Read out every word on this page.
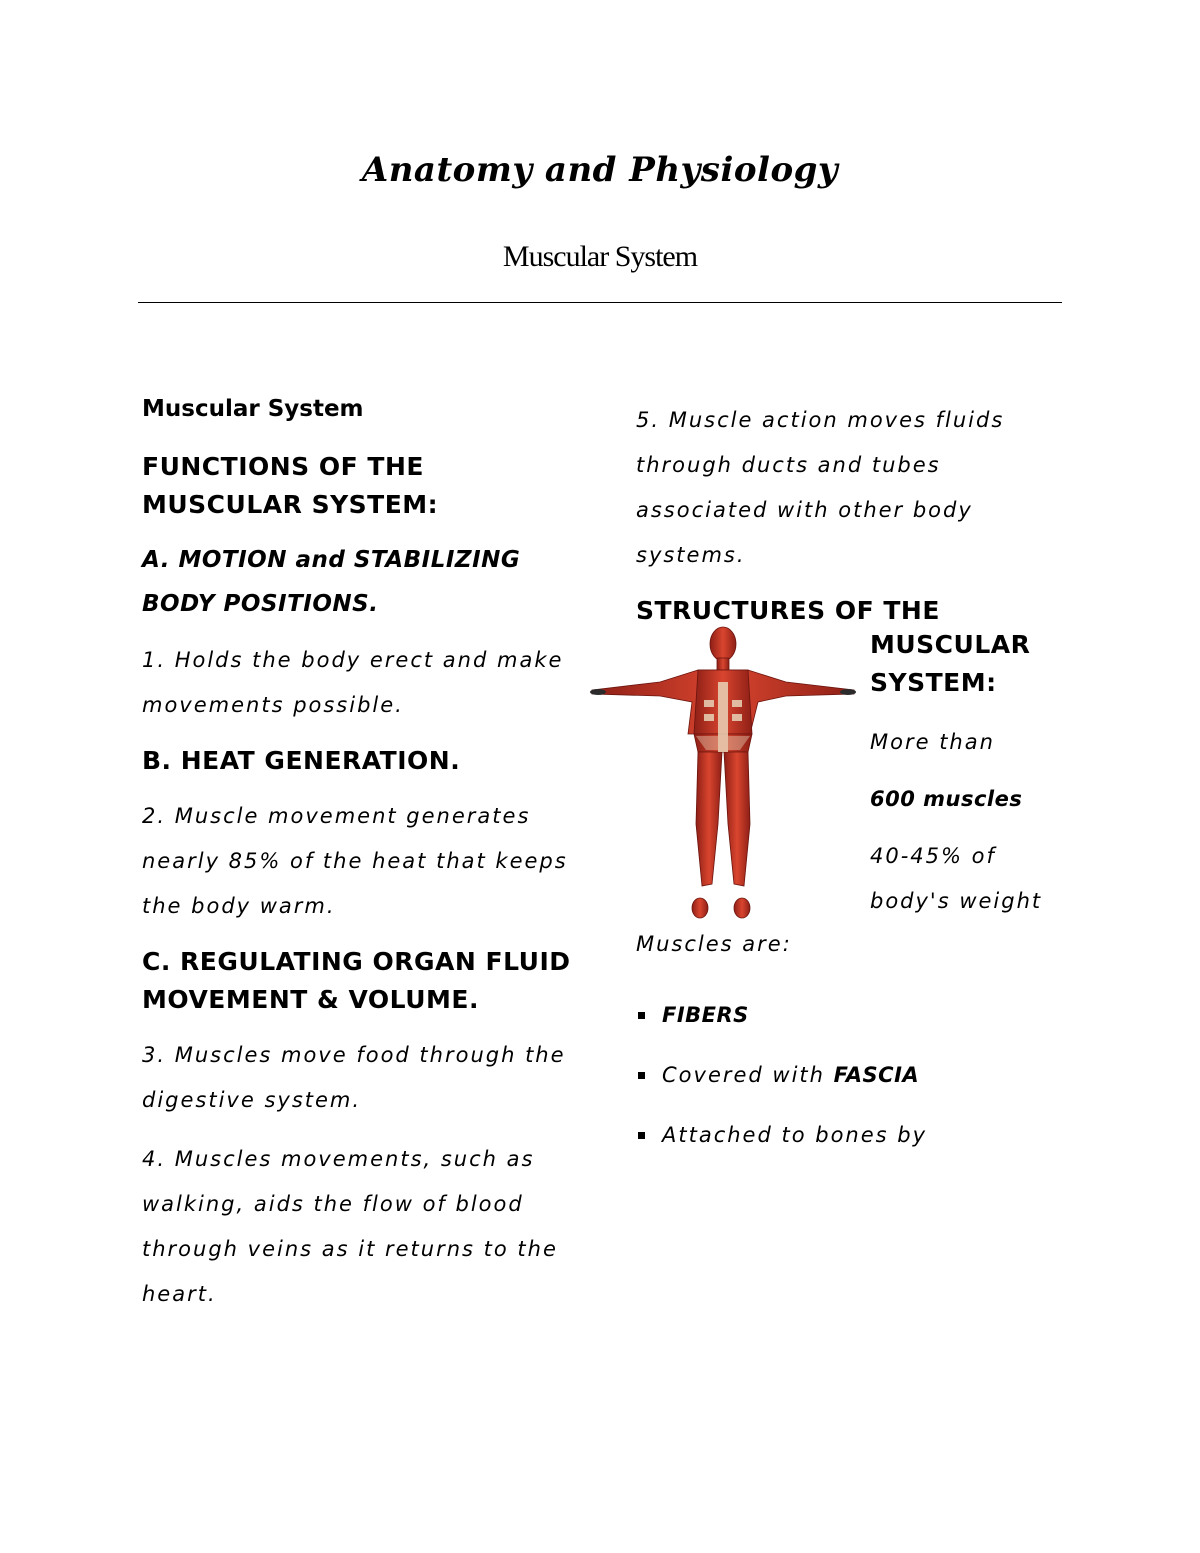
Anatomy and Physiology
Muscular System
Muscular System
FUNCTIONS OF THE MUSCULAR SYSTEM:
A. MOTION and STABILIZING BODY POSITIONS.
1. Holds the body erect and make movements possible.
B. HEAT GENERATION.
2. Muscle movement generates nearly 85% of the heat that keeps the body warm.
C. REGULATING ORGAN FLUID MOVEMENT & VOLUME.
3. Muscles move food through the digestive system.
4. Muscles movements, such as walking, aids the flow of blood through veins as it returns to the heart.
5. Muscle action moves fluids through ducts and tubes associated with other body systems.
STRUCTURES OF THE
MUSCULAR SYSTEM:
More than
600 muscles
40-45% of body's weight
Muscles are:
FIBERS
Covered with FASCIA
Attached to bones by
